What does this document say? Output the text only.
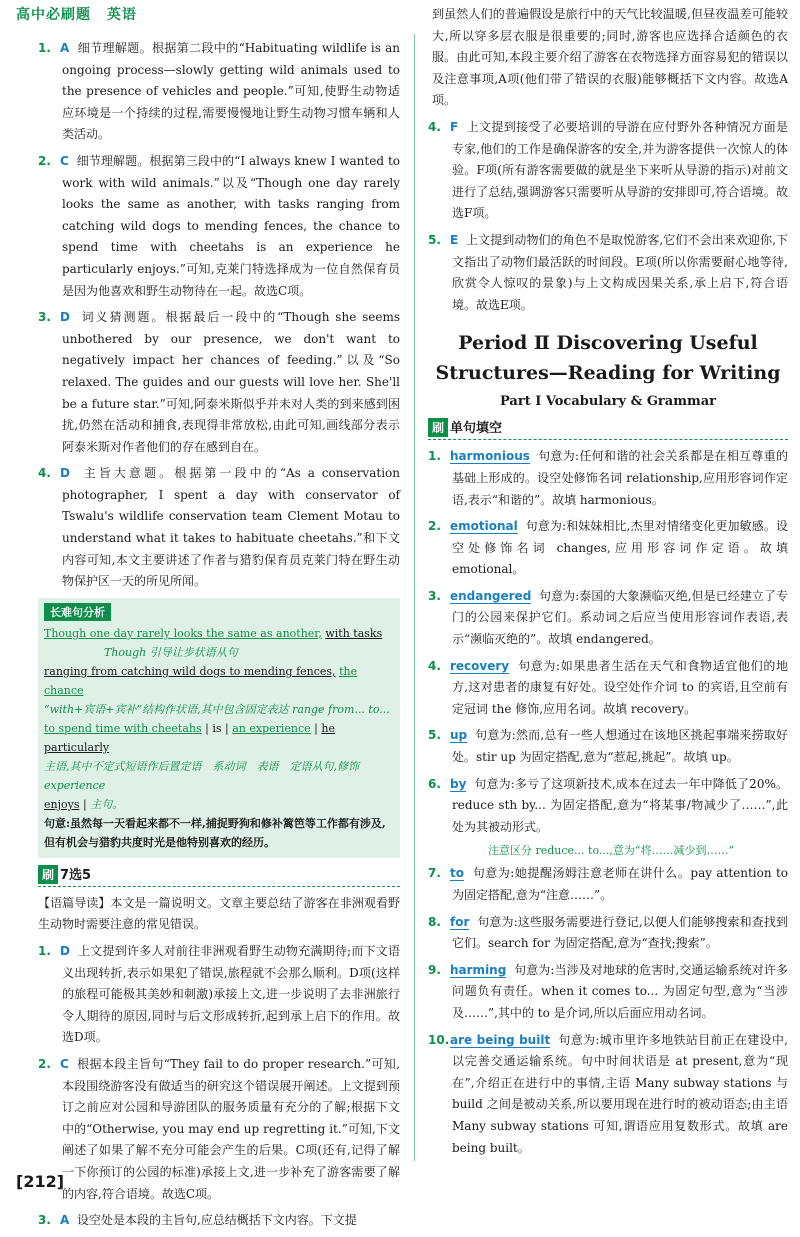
高中必刷题 英语

1. A 细节理解题。根据第二段中的“Habituating wildlife is an ongoing process—slowly getting wild animals used to the presence of vehicles and people.”可知,使野生动物适应环境是一个持续的过程,需要慢慢地让野生动物习惯车辆和人类活动。

2. C 细节理解题。根据第三段中的“I always knew I wanted to work with wild animals.”以及“Though one day rarely looks the same as another, with tasks ranging from catching wild dogs to mending fences, the chance to spend time with cheetahs is an experience he particularly enjoys.”可知,克莱门特选择成为一位自然保育员是因为他喜欢和野生动物待在一起。故选C项。

3. D 词义猜测题。根据最后一段中的“Though she seems unbothered by our presence, we don't want to negatively impact her chances of feeding.”以及“So relaxed. The guides and our guests will love her. She'll be a future star.”可知,阿泰米斯似乎并未对人类的到来感到困扰,仍然在活动和捕食,表现得非常放松,由此可知,画线部分表示阿泰米斯对作者他们的存在感到自在。

4. D 主旨大意题。根据第一段中的“As a conservation photographer, I spent a day with conservator of Tswalu's wildlife conservation team Clement Motau to understand what it takes to habituate cheetahs.”和下文内容可知,本文主要讲述了作者与猎豹保育员克莱门特在野生动物保护区一天的所见所闻。

长难句分析
Though one day rarely looks the same as another, with tasks
Though 引导让步状语从句
ranging from catching wild dogs to mending fences, the chance
“with+宾语+宾补”结构作状语,其中包含固定表达 range from... to...
to spend time with cheetahs | is | an experience | he particularly
主语,其中不定式短语作后置定语　 系动词　 表语　 定语从句,修饰 experience
enjoys | 主句。
句意:虽然每一天看起来都不一样,捕捉野狗和修补篱笆等工作都有涉及,但有机会与猎豹共度时光是他特别喜欢的经历。
刷 7选5

【语篇导读】本文是一篇说明文。文章主要总结了游客在非洲观看野生动物时需要注意的常见错误。

1. D 上文提到许多人对前往非洲观看野生动物充满期待;而下文语义出现转折,表示如果犯了错误,旅程就不会那么顺利。D项(这样的旅程可能极其美妙和刺激)承接上文,进一步说明了去非洲旅行令人期待的原因,同时与后文形成转折,起到承上启下的作用。故选D项。

2. C 根据本段主旨句“They fail to do proper research.”可知,本段围绕游客没有做适当的研究这个错误展开阐述。上文提到预订之前应对公园和导游团队的服务质量有充分的了解;根据下文中的“Otherwise, you may end up regretting it.”可知,下文阐述了如果了解不充分可能会产生的后果。C项(还有,记得了解一下你预订的公园的标准)承接上文,进一步补充了游客需要了解的内容,符合语境。故选C项。

3. A 设空处是本段的主旨句,应总结概括下文内容。下文提

到虽然人们的普遍假设是旅行中的天气比较温暖,但昼夜温差可能较大,所以穿多层衣服是很重要的;同时,游客也应选择合适颜色的衣服。由此可知,本段主要介绍了游客在衣物选择方面容易犯的错误以及注意事项,A项(他们带了错误的衣服)能够概括下文内容。故选A项。

4. F 上文提到接受了必要培训的导游在应付野外各种情况方面是专家,他们的工作是确保游客的安全,并为游客提供一次惊人的体验。F项(所有游客需要做的就是坐下来听从导游的指示)对前文进行了总结,强调游客只需要听从导游的安排即可,符合语境。故选F项。

5. E 上文提到动物们的角色不是取悦游客,它们不会出来欢迎你,下文指出了动物们最活跃的时间段。E项(所以你需要耐心地等待,欣赏令人惊叹的景象)与上文构成因果关系,承上启下,符合语境。故选E项。

Period Ⅱ Discovering Useful
Structures—Reading for Writing
Part Ⅰ Vocabulary & Grammar
刷 单句填空

1. harmonious 句意为:任何和谐的社会关系都是在相互尊重的基础上形成的。设空处修饰名词 relationship,应用形容词作定语,表示“和谐的”。故填 harmonious。

2. emotional 句意为:和妹妹相比,杰里对情绪变化更加敏感。设空处修饰名词 changes,应用形容词作定语。故填 emotional。

3. endangered 句意为:泰国的大象濒临灭绝,但是已经建立了专门的公园来保护它们。系动词之后应当使用形容词作表语,表示“濒临灭绝的”。故填 endangered。

4. recovery 句意为:如果患者生活在天气和食物适宜他们的地方,这对患者的康复有好处。设空处作介词 to 的宾语,且空前有定冠词 the 修饰,应用名词。故填 recovery。

5. up 句意为:然而,总有一些人想通过在该地区挑起事端来捞取好处。stir up 为固定搭配,意为“惹起,挑起”。故填 up。

6. by 句意为:多亏了这项新技术,成本在过去一年中降低了20%。reduce sth by... 为固定搭配,意为“将某事/物减少了……”,此处为其被动形式。

注意区分 reduce... to...,意为“将……减少到……”

7. to 句意为:她提醒汤姆注意老师在讲什么。pay attention to 为固定搭配,意为“注意……”。

8. for 句意为:这些服务需要进行登记,以便人们能够搜索和查找到它们。search for 为固定搭配,意为“查找;搜索”。

9. harming 句意为:当涉及对地球的危害时,交通运输系统对许多问题负有责任。when it comes to... 为固定句型,意为“当涉及……”,其中的 to 是介词,所以后面应用动名词。

10.are being built 句意为:城市里许多地铁站目前正在建设中,以完善交通运输系统。句中时间状语是 at present,意为“现在”,介绍正在进行中的事情,主语 Many subway stations 与 build 之间是被动关系,所以要用现在进行时的被动语态;由主语 Many subway stations 可知,谓语应用复数形式。故填 are being built。

[212]
